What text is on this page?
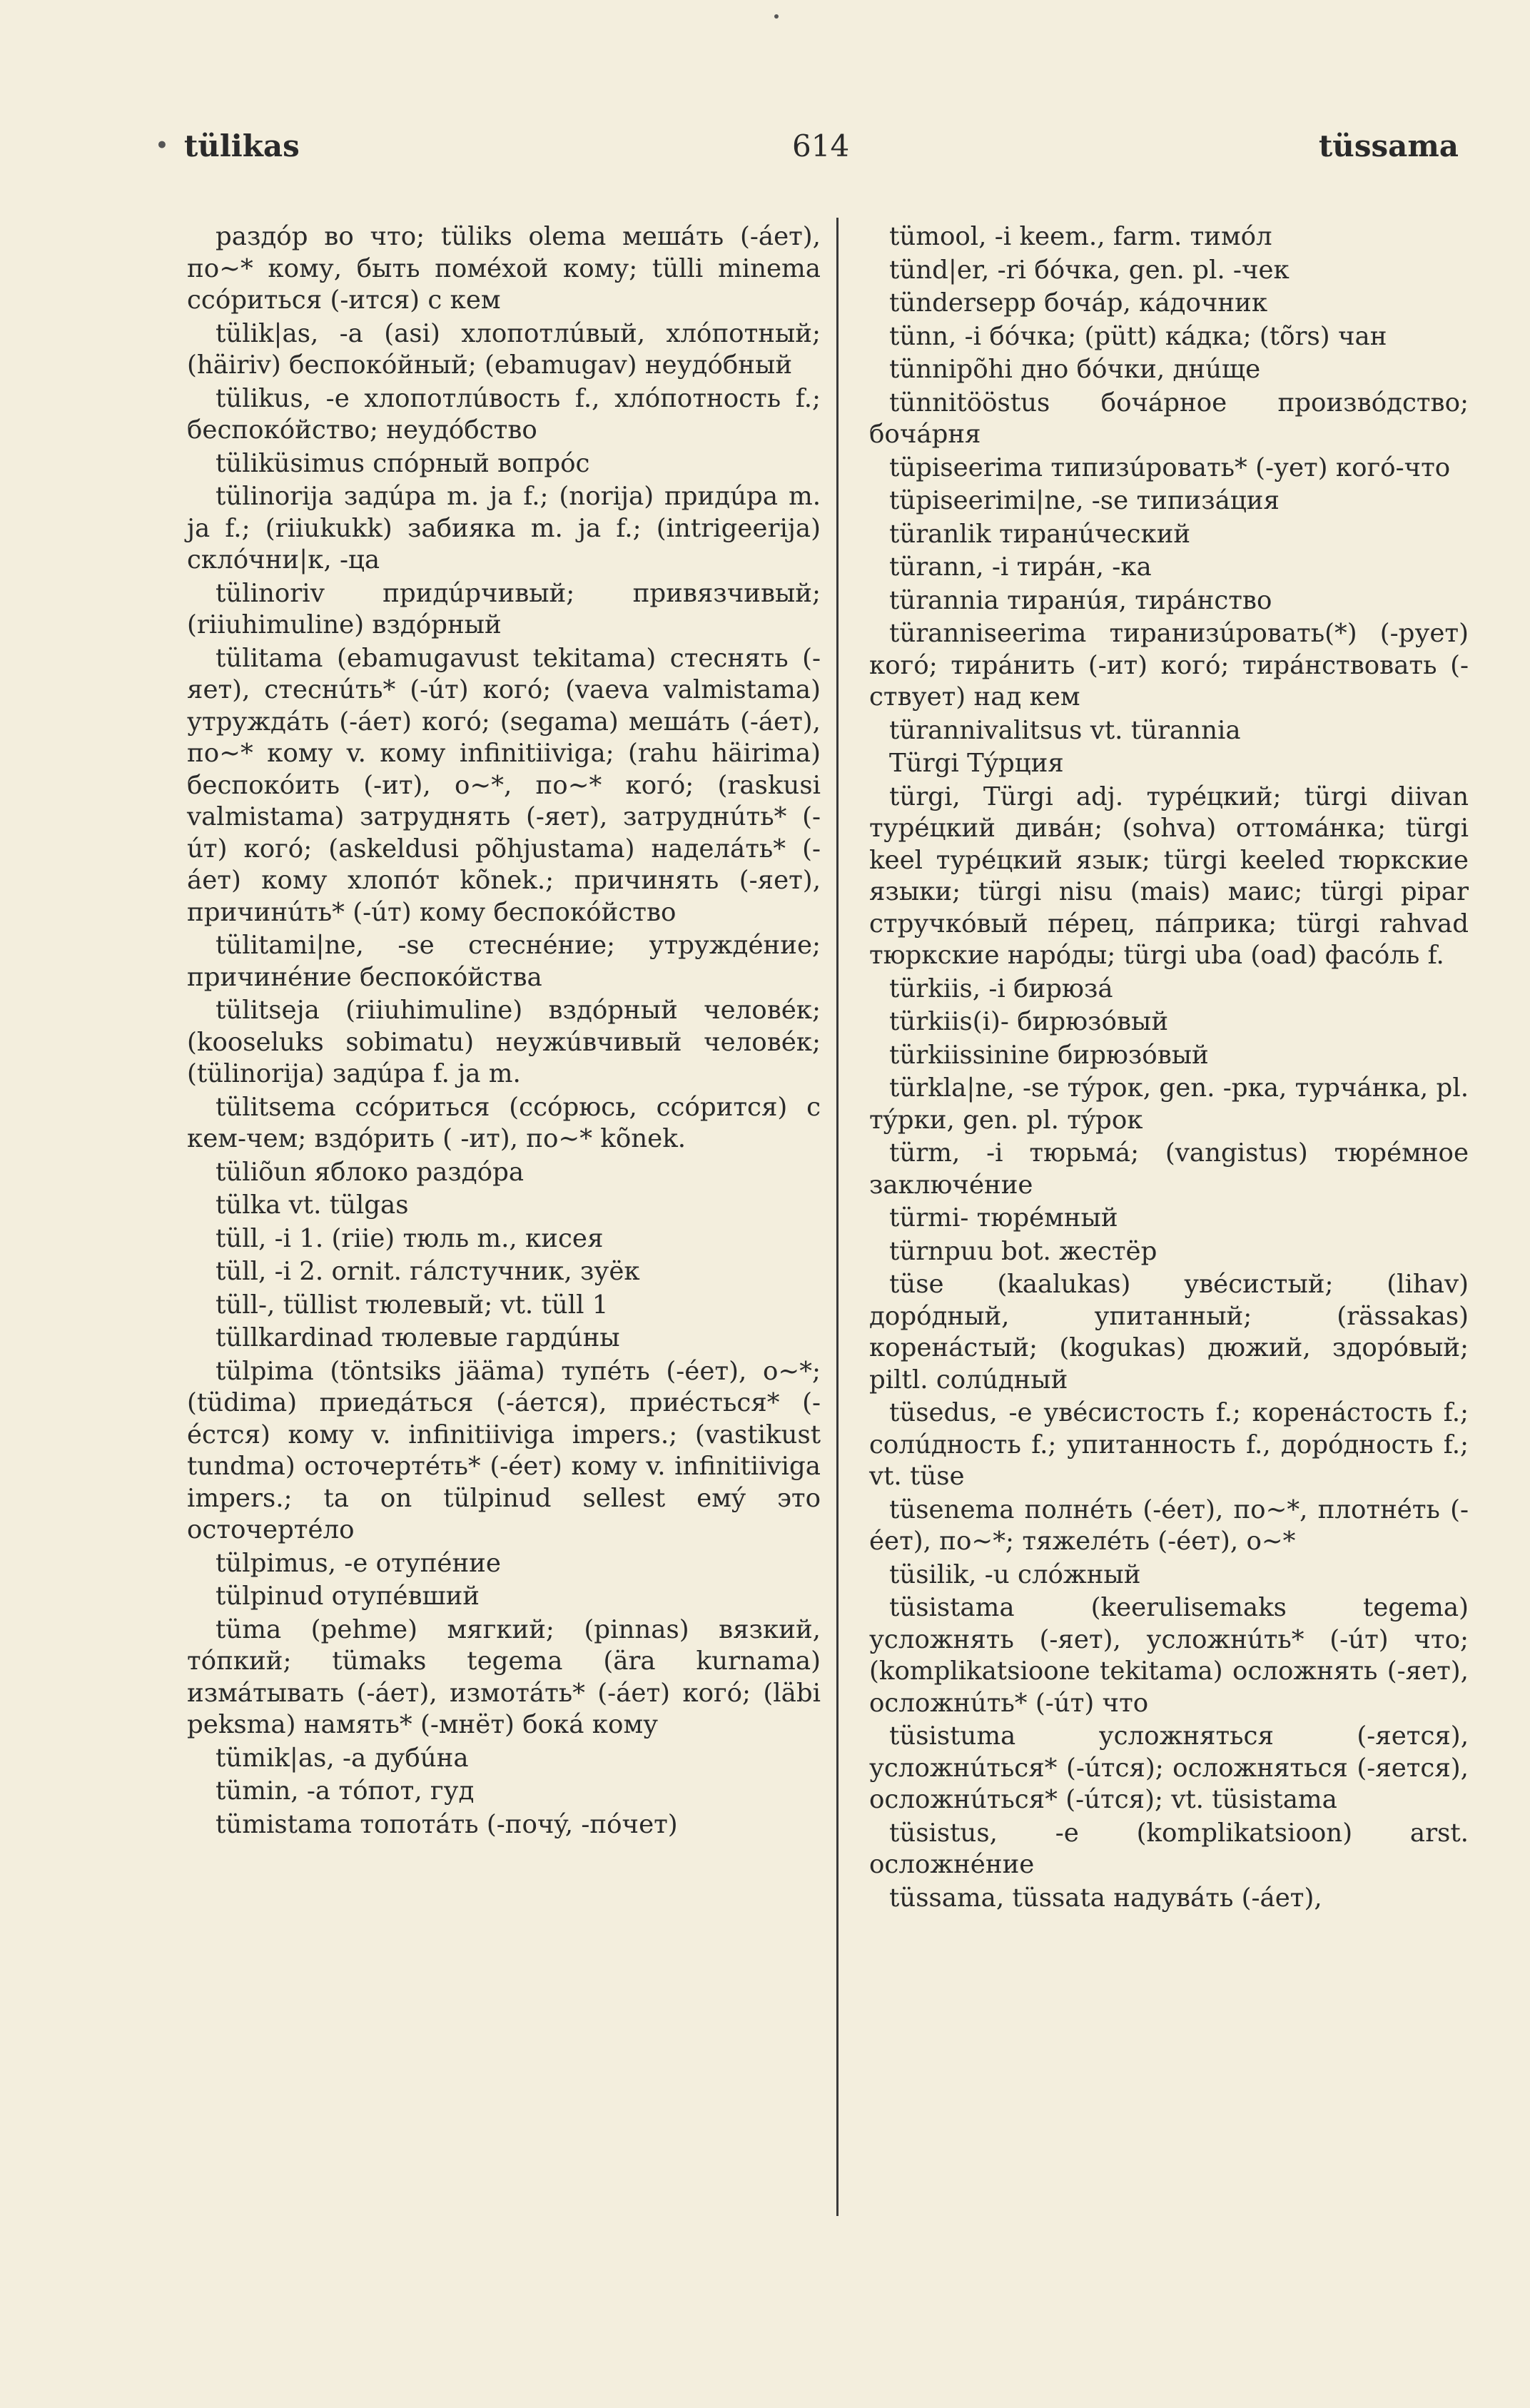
• tülikas	614	tüssama
раздóр во что; tüliks olema мешáть (-áет), по~* кому, быть помéхой кому; tülli minema ссóриться (-ится) с кем
tülik|as, -a (asi) хлопотлúвый, хлóпотный; (häiriv) беспокóйный; (ebamugav) неудóбный
tülikus, -e хлопотлúвость f., хлóпотность f.; беспокóйство; неудóбство
tüliküsimus спóрный вопрóс
tülinorija задúра m. ja f.; (norija) придúра m. ja f.; (riiukukk) забияка m. ja f.; (intrigeerija) склóчни|к, -ца
tülinoriv придúрчивый; привязчивый; (riiuhimuline) вздóрный
tülitama (ebamugavust tekitama) стеснять (-яет), стеснúть* (-úт) когó; (vaeva valmistama) утруждáть (-áет) когó; (segama) мешáть (-áет), по~* кому v. кому infinitiiviga; (rahu häirima) беспокóить (-ит), о~*, по~* когó; (raskusi valmistama) затруднять (-яет), затруднúть* (-úт) когó; (askeldusi põhjustama) наделáть* (-áет) кому хлопóт kõnek.; причинять (-яет), причинúть* (-úт) кому беспокóйство
tülitami|ne, -se стеснéние; утруждéние; причинéние беспокóйства
tülitseja (riiuhimuline) вздóрный человéк; (kooseluks sobimatu) неужúвчивый человéк; (tülinorija) задúра f. ja m.
tülitsema ссóриться (ссóрюсь, ссóрится) с кем-чем; вздóрить ( -ит), по~* kõnek.
tüliõun яблоко раздóра
tülka vt. tülgas
tüll, -i 1. (riie) тюль m., кисея
tüll, -i 2. ornit. гáлстучник, зуёк
tüll-, tüllist тюлевый; vt. tüll 1
tüllkardinad тюлевые гардúны
tülpima (töntsiks jääma) тупéть (-éет), о~*; (tüdima) приедáться (-áется), приéсться* (-éстся) кому v. infinitiiviga impers.; (vastikust tundma) осточертéть* (-éет) кому v. infinitiiviga impers.; ta on tülpinud sellest емý это осточертéло
tülpimus, -e отупéние
tülpinud отупéвший
tüma (pehme) мягкий; (pinnas) вязкий, тóпкий; tümaks tegema (ära kurnama) измáтывать (-áет), измотáть* (-áет) когó; (läbi peksma) намять* (-мнёт) бокá кому
tümik|as, -a дубúна
tümin, -a тóпот, гуд
tümistama топотáть (-почý, -пóчет)
tümool, -i keem., farm. тимóл
tünd|er, -ri бóчка, gen. pl. -чек
tündersepp бочáр, кáдочник
tünn, -i бóчка; (pütt) кáдка; (tõrs) чан
tünnipõhi дно бóчки, днúще
tünnitööstus бочáрное произвóдство; бочáрня
tüpiseerima типизúровать* (-ует) когó-что
tüpiseerimi|ne, -se типизáция
türanlik тиранúческий
türann, -i тирáн, -ка
türannia тиранúя, тирáнство
türanniseerima тиранизúровать(*) (-рует) когó; тирáнить (-ит) когó; тирáнствовать (-ствует) над кем
türannivalitsus vt. türannia
Türgi Týрция
türgi, Türgi adj. турéцкий; türgi diivan турéцкий дивáн; (sohva) оттомáнка; türgi keel турéцкий язык; türgi keeled тюркские языки; türgi nisu (mais) маис; türgi pipar стручкóвый пéрец, пáприка; türgi rahvad тюркские нарóды; türgi uba (oad) фасóль f.
türkiis, -i бирюзá
türkiis(i)- бирюзóвый
türkiissinine бирюзóвый
türkla|ne, -se тýрок, gen. -рка, турчáнка, pl. тýрки, gen. pl. тýрок
türm, -i тюрьмá; (vangistus) тюрéмное заключéние
türmi- тюрéмный
türnpuu bot. жестёр
tüse (kaalukas) увéсистый; (lihav) дорóдный, упитанный; (rässakas) коренáстый; (kogukas) дюжий, здорóвый; piltl. солúдный
tüsedus, -e увéсистость f.; коренáстость f.; солúдность f.; упитанность f., дорóдность f.; vt. tüse
tüsenema полнéть (-éет), по~*, плотнéть (-éет), по~*; тяжелéть (-éет), о~*
tüsilik, -u слóжный
tüsistama (keerulisemaks tegema) усложнять (-яет), усложнúть* (-úт) что; (komplikatsioone tekitama) осложнять (-яет), осложнúть* (-úт) что
tüsistuma усложняться (-яется), усложнúться* (-úтся); осложняться (-яется), осложнúться* (-úтся); vt. tüsistama
tüsistus, -e (komplikatsioon) arst. осложнéние
tüssama, tüssata надувáть (-áет),
